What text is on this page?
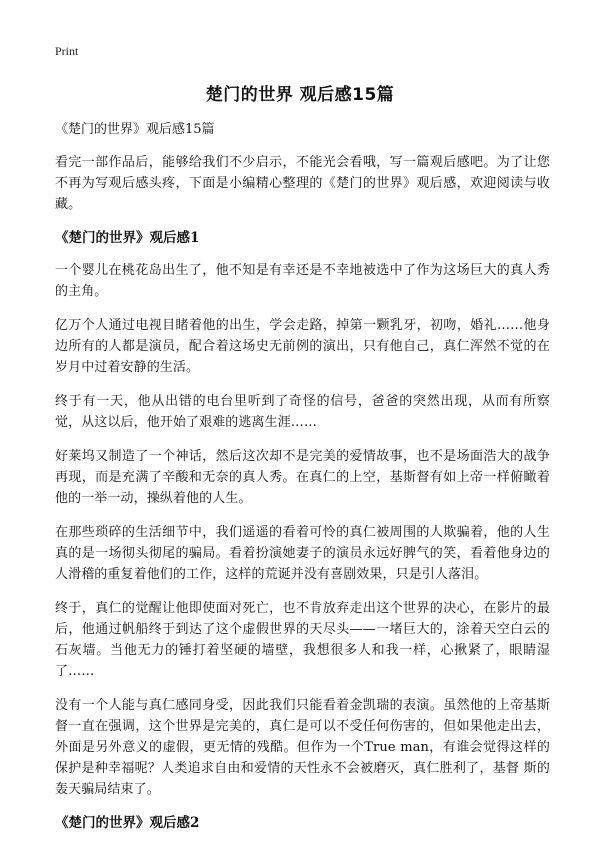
Print
楚门的世界 观后感15篇
《楚门的世界》观后感15篇

看完一部作品后，能够给我们不少启示，不能光会看哦，写一篇观后感吧。为了让您不再为写观后感头疼，下面是小编精心整理的《楚门的世界》观后感，欢迎阅读与收藏。

《楚门的世界》观后感1

一个婴儿在桃花岛出生了，他不知是有幸还是不幸地被选中了作为这场巨大的真人秀的主角。

亿万个人通过电视目睹着他的出生，学会走路，掉第一颗乳牙，初吻，婚礼……他身边所有的人都是演员，配合着这场史无前例的演出，只有他自己，真仁浑然不觉的在岁月中过着安静的生活。

终于有一天，他从出错的电台里听到了奇怪的信号，爸爸的突然出现，从而有所察觉，从这以后，他开始了艰难的逃离生涯……

好莱坞又制造了一个神话，然后这次却不是完美的爱情故事，也不是场面浩大的战争再现，而是充满了辛酸和无奈的真人秀。在真仁的上空，基斯督有如上帝一样俯瞰着他的一举一动，操纵着他的人生。

在那些琐碎的生活细节中，我们遥遥的看着可怜的真仁被周围的人欺骗着，他的人生真的是一场彻头彻尾的骗局。看着扮演她妻子的演员永远好脾气的笑，看着他身边的人滑稽的重复着他们的工作，这样的荒诞并没有喜剧效果，只是引人落泪。

终于，真仁的觉醒让他即使面对死亡，也不肯放弃走出这个世界的决心，在影片的最后，他通过帆船终于到达了这个虚假世界的天尽头——一堵巨大的，涂着天空白云的石灰墙。当他无力的锤打着坚硬的墙壁，我想很多人和我一样，心揪紧了，眼睛湿了……

没有一个人能与真仁感同身受，因此我们只能看着金凯瑞的表演。虽然他的上帝基斯督一直在强调，这个世界是完美的，真仁是可以不受任何伤害的，但如果他走出去，外面是另外意义的虚假，更无情的残酷。但作为一个True man，有谁会觉得这样的保护是种幸福呢？人类追求自由和爱情的天性永不会被磨灭，真仁胜利了，基督 斯的轰天骗局结束了。

《楚门的世界》观后感2
